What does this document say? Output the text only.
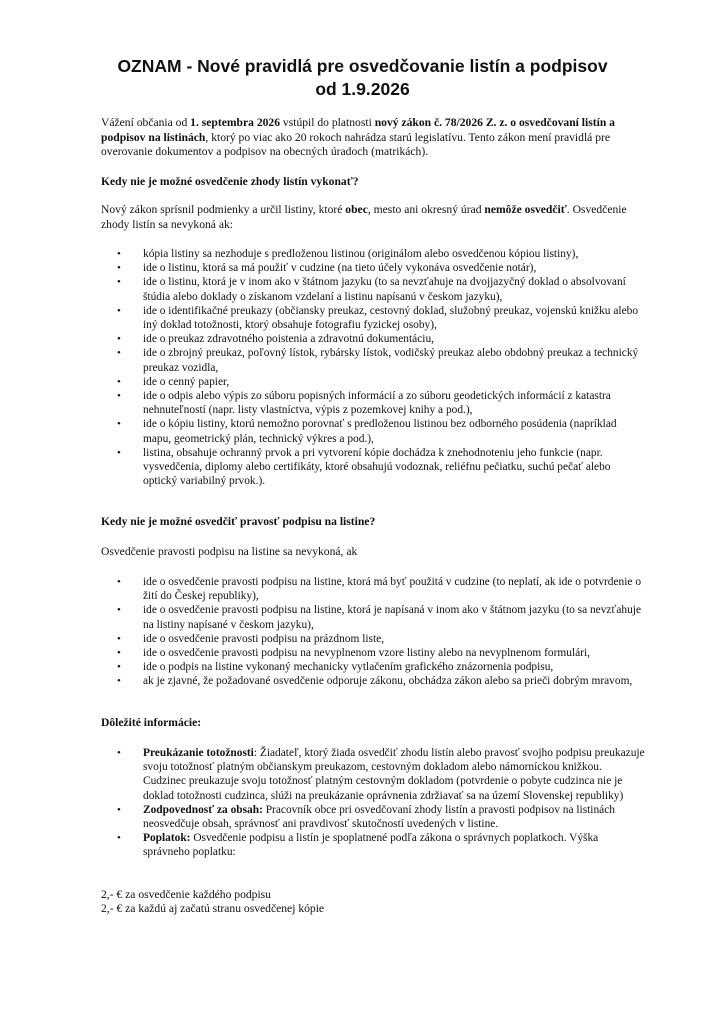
OZNAM - Nové pravidlá pre osvedčovanie listín a podpisov
od 1.9.2026
Vážení občania od 1. septembra 2026 vstúpil do platnosti nový zákon č. 78/2026 Z. z. o osvedčovaní listín a podpisov na listinách, ktorý po viac ako 20 rokoch nahrádza starú legislatívu. Tento zákon mení pravidlá pre overovanie dokumentov a podpisov na obecných úradoch (matrikách).
Kedy nie je možné osvedčenie zhody listín vykonať?
Nový zákon sprísnil podmienky a určil listiny, ktoré obec, mesto ani okresný úrad nemôže osvedčiť. Osvedčenie zhody listín sa nevykoná ak:
• kópia listiny sa nezhoduje s predloženou listinou (originálom alebo osvedčenou kópiou listiny),
• ide o listinu, ktorá sa má použiť v cudzine (na tieto účely vykonáva osvedčenie notár),
• ide o listinu, ktorá je v inom ako v štátnom jazyku (to sa nevzťahuje na dvojjazyčný doklad o absolvovaní štúdia alebo doklady o získanom vzdelaní a listinu napísanú v českom jazyku),
• ide o identifikačné preukazy (občiansky preukaz, cestovný doklad, služobný preukaz, vojenskú knižku alebo iný doklad totožnosti, ktorý obsahuje fotografiu fyzickej osoby),
• ide o preukaz zdravotného poistenia a zdravotnú dokumentáciu,
• ide o zbrojný preukaz, poľovný lístok, rybársky lístok, vodičský preukaz alebo obdobný preukaz a technický preukaz vozidla,
• ide o cenný papier,
• ide o odpis alebo výpis zo súboru popisných informácií a zo súboru geodetických informácií z katastra nehnuteľností (napr. listy vlastníctva, výpis z pozemkovej knihy a pod.),
• ide o kópiu listiny, ktorú nemožno porovnať s predloženou listinou bez odborného posúdenia (napríklad mapu, geometrický plán, technický výkres a pod.),
• listina, obsahuje ochranný prvok a pri vytvorení kópie dochádza k znehodnoteniu jeho funkcie (napr. vysvedčenia, diplomy alebo certifikáty, ktoré obsahujú vodoznak, reliéfnu pečiatku, suchú pečať alebo optický variabilný prvok.).
Kedy nie je možné osvedčiť pravosť podpisu na listine?
Osvedčenie pravosti podpisu na listine sa nevykoná, ak
• ide o osvedčenie pravosti podpisu na listine, ktorá má byť použitá v cudzine (to neplatí, ak ide o potvrdenie o žití do Českej republiky),
• ide o osvedčenie pravosti podpisu na listine, ktorá je napísaná v inom ako v štátnom jazyku (to sa nevzťahuje na listiny napísané v českom jazyku),
• ide o osvedčenie pravosti podpisu na prázdnom liste,
• ide o osvedčenie pravosti podpisu na nevyplnenom vzore listiny alebo na nevyplnenom formulári,
• ide o podpis na listine vykonaný mechanicky vytlačením grafického znázornenia podpisu,
• ak je zjavné, že požadované osvedčenie odporuje zákonu, obchádza zákon alebo sa prieči dobrým mravom,
Dôležité informácie:
• Preukázanie totožnosti: Žiadateľ, ktorý žiada osvedčiť zhodu listín alebo pravosť svojho podpisu preukazuje svoju totožnosť platným občianskym preukazom, cestovným dokladom alebo námorníckou knižkou. Cudzinec preukazuje svoju totožnosť platným cestovným dokladom (potvrdenie o pobyte cudzinca nie je doklad totožnosti cudzinca, slúži na preukázanie oprávnenia zdržiavať sa na území Slovenskej republiky)
• Zodpovednosť za obsah: Pracovník obce pri osvedčovaní zhody listín a pravosti podpisov na listinách neosvedčuje obsah, správnosť ani pravdivosť skutočností uvedených v listine.
• Poplatok: Osvedčenie podpisu a listín je spoplatnené podľa zákona o správnych poplatkoch. Výška správneho poplatku:
2,- € za osvedčenie každého podpisu
2,- € za každú aj začatú stranu osvedčenej kópie
